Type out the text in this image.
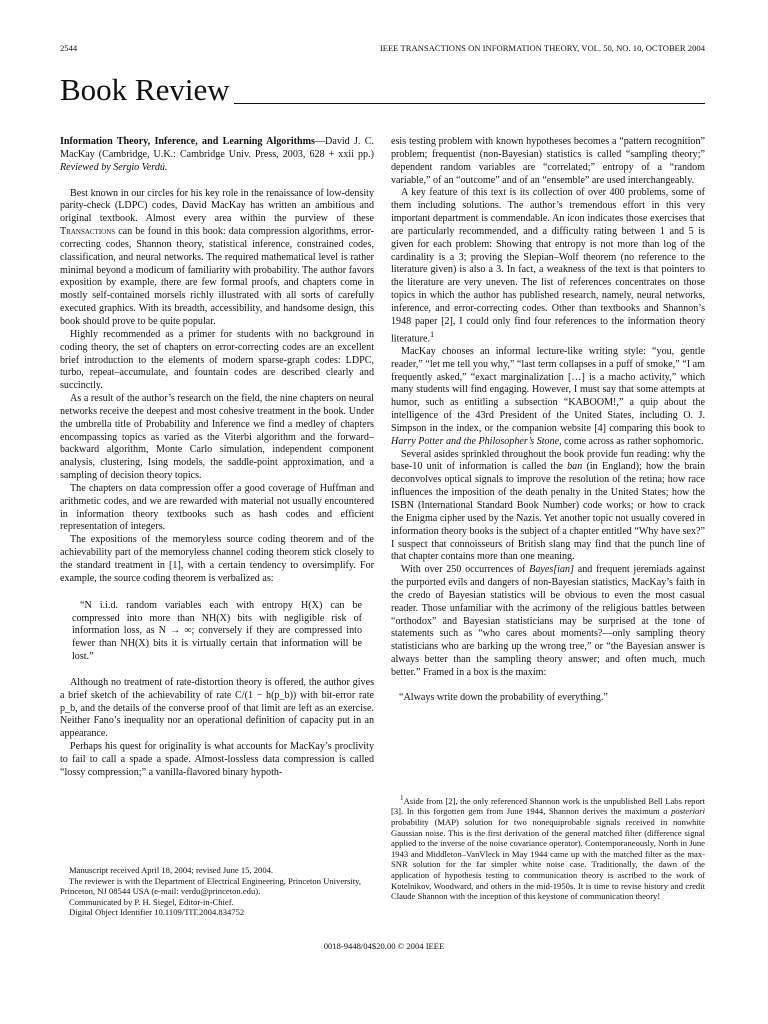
2544	IEEE TRANSACTIONS ON INFORMATION THEORY, VOL. 50, NO. 10, OCTOBER 2004
Book Review

Information Theory, Inference, and Learning Algorithms—David J. C. MacKay (Cambridge, U.K.: Cambridge Univ. Press, 2003, 628 + xxii pp.) Reviewed by Sergio Verdú.

Best known in our circles for his key role in the renaissance of low-density parity-check (LDPC) codes, David MacKay has written an ambitious and original textbook. Almost every area within the purview of these Transactions can be found in this book: data compression algorithms, error-correcting codes, Shannon theory, statistical inference, constrained codes, classification, and neural networks. The required mathematical level is rather minimal beyond a modicum of familiarity with probability. The author favors exposition by example, there are few formal proofs, and chapters come in mostly self-contained morsels richly illustrated with all sorts of carefully executed graphics. With its breadth, accessibility, and handsome design, this book should prove to be quite popular.

Highly recommended as a primer for students with no background in coding theory, the set of chapters on error-correcting codes are an excellent brief introduction to the elements of modern sparse-graph codes: LDPC, turbo, repeat–accumulate, and fountain codes are described clearly and succinctly.

As a result of the author’s research on the field, the nine chapters on neural networks receive the deepest and most cohesive treatment in the book. Under the umbrella title of Probability and Inference we find a medley of chapters encompassing topics as varied as the Viterbi algorithm and the forward–backward algorithm, Monte Carlo simulation, independent component analysis, clustering, Ising models, the saddle-point approximation, and a sampling of decision theory topics.

The chapters on data compression offer a good coverage of Huffman and arithmetic codes, and we are rewarded with material not usually encountered in information theory textbooks such as hash codes and efficient representation of integers.

The expositions of the memoryless source coding theorem and of the achievability part of the memoryless channel coding theorem stick closely to the standard treatment in [1], with a certain tendency to oversimplify. For example, the source coding theorem is verbalized as:

“N i.i.d. random variables each with entropy H(X) can be compressed into more than NH(X) bits with negligible risk of information loss, as N → ∞; conversely if they are compressed into fewer than NH(X) bits it is virtually certain that information will be lost.”

Although no treatment of rate-distortion theory is offered, the author gives a brief sketch of the achievability of rate C/(1 − h(p_b)) with bit-error rate p_b, and the details of the converse proof of that limit are left as an exercise. Neither Fano’s inequality nor an operational definition of capacity put in an appearance.

Perhaps his quest for originality is what accounts for MacKay’s proclivity to fail to call a spade a spade. Almost-lossless data compression is called “lossy compression;” a vanilla-flavored binary hypoth-

esis testing problem with known hypotheses becomes a “pattern recognition” problem; frequentist (non-Bayesian) statistics is called “sampling theory;” dependent random variables are “correlated;” entropy of a “random variable,” of an “outcome” and of an “ensemble” are used interchangeably.

A key feature of this text is its collection of over 400 problems, some of them including solutions. The author’s tremendous effort in this very important department is commendable. An icon indicates those exercises that are particularly recommended, and a difficulty rating between 1 and 5 is given for each problem: Showing that entropy is not more than log of the cardinality is a 3; proving the Slepian–Wolf theorem (no reference to the literature given) is also a 3. In fact, a weakness of the text is that pointers to the literature are very uneven. The list of references concentrates on those topics in which the author has published research, namely, neural networks, inference, and error-correcting codes. Other than textbooks and Shannon’s 1948 paper [2], I could only find four references to the information theory literature.$^1$

MacKay chooses an informal lecture-like writing style: “you, gentle reader,” “let me tell you why,” “last term collapses in a puff of smoke,” “I am frequently asked,” “exact marginalization […] is a macho activity,” which many students will find engaging. However, I must say that some attempts at humor, such as entitling a subsection “KABOOM!,” a quip about the intelligence of the 43rd President of the United States, including O. J. Simpson in the index, or the companion website [4] comparing this book to Harry Potter and the Philosopher’s Stone, come across as rather sophomoric.

Several asides sprinkled throughout the book provide fun reading: why the base-10 unit of information is called the ban (in England); how the brain deconvolves optical signals to improve the resolution of the retina; how race influences the imposition of the death penalty in the United States; how the ISBN (International Standard Book Number) code works; or how to crack the Enigma cipher used by the Nazis. Yet another topic not usually covered in information theory books is the subject of a chapter entitled “Why have sex?” I suspect that connoisseurs of British slang may find that the punch line of that chapter contains more than one meaning.

With over 250 occurrences of Bayes[ian] and frequent jeremiads against the purported evils and dangers of non-Bayesian statistics, MacKay’s faith in the credo of Bayesian statistics will be obvious to even the most casual reader. Those unfamiliar with the acrimony of the religious battles between “orthodox” and Bayesian statisticians may be surprised at the tone of statements such as “who cares about moments?—only sampling theory statisticians who are barking up the wrong tree,” or “the Bayesian answer is always better than the sampling theory answer; and often much, much better.” Framed in a box is the maxim:

“Always write down the probability of everything.”

$^1$Aside from [2], the only referenced Shannon work is the unpublished Bell Labs report [3]. In this forgotten gem from June 1944, Shannon derives the maximum a posteriori probability (MAP) solution for two nonequiprobable signals received in nonwhite Gaussian noise. This is the first derivation of the general matched filter (difference signal applied to the inverse of the noise covariance operator). Contemporaneously, North in June 1943 and Middleton–VanVleck in May 1944 came up with the matched filter as the max-SNR solution for the far simpler white noise case. Traditionally, the dawn of the application of hypothesis testing to communication theory is ascribed to the work of Kotelnikov, Woodward, and others in the mid-1950s. It is time to revise history and credit Claude Shannon with the inception of this keystone of communication theory!

Manuscript received April 18, 2004; revised June 15, 2004.

The reviewer is with the Department of Electrical Engineering, Princeton University, Princeton, NJ 08544 USA (e-mail: verdu@princeton.edu).

Communicated by P. H. Siegel, Editor-in-Chief.

Digital Object Identifier 10.1109/TIT.2004.834752

0018-9448/04$20.00 © 2004 IEEE
